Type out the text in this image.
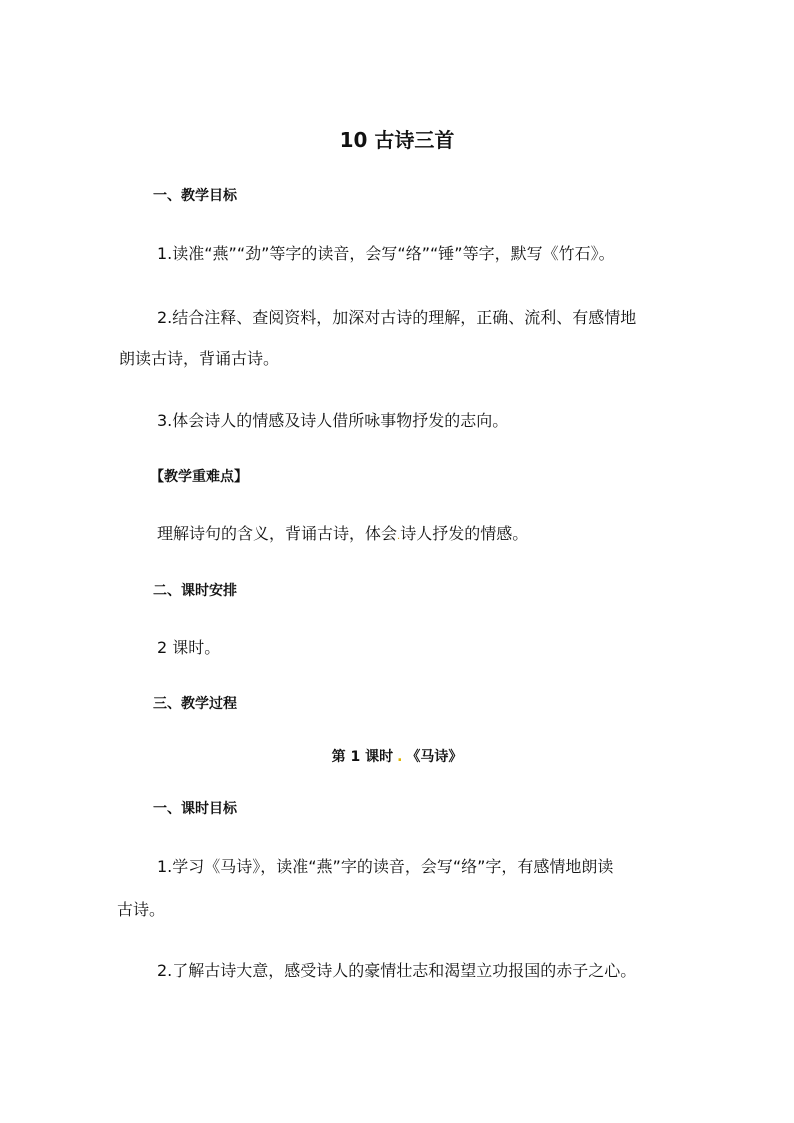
10 古诗三首
一、教学目标
1.读准“燕”“劲”等字的读音，会写“络”“锤”等字，默写《竹石》。
2.结合注释、查阅资料，加深对古诗的理解，正确、流利、有感情地
朗读古诗，背诵古诗。
3.体会诗人的情感及诗人借所咏事物抒发的志向。
【教学重难点】
理解诗句的含义，背诵古诗，体会.诗人抒发的情感。
二、课时安排
2 课时。
三、教学过程
第 1 课时 . 《马诗》
一、课时目标
1.学习《马诗》，读准“燕”字的读音，会写“络”字，有感情地朗读
古诗。
2.了解古诗大意，感受诗人的豪情壮志和渴望立功报国的赤子之心。
